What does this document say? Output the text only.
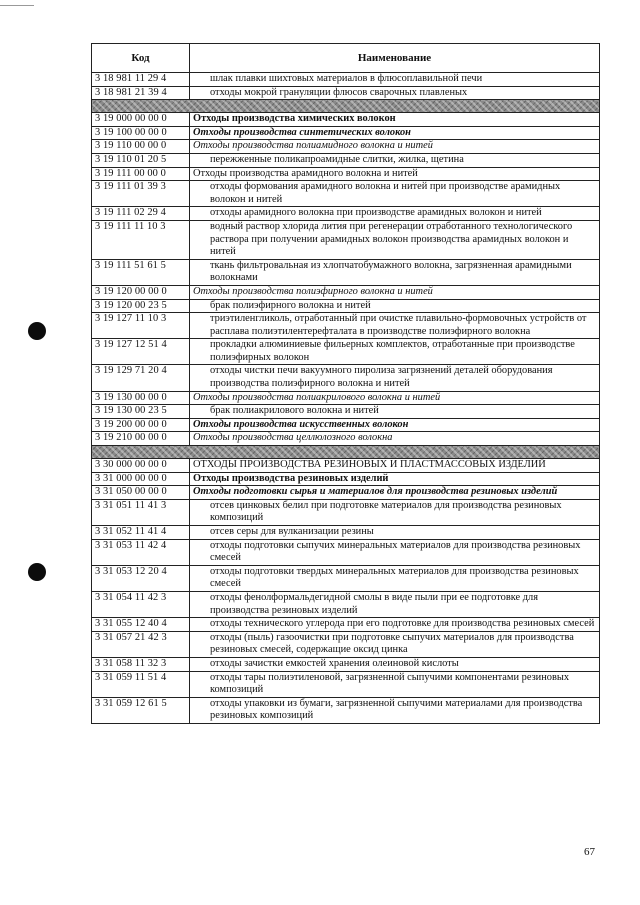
Код	Наименование
3 18 981 11 29 4	шлак плавки шихтовых материалов в флюсоплавильной печи
3 18 981 21 39 4	отходы мокрой грануляции флюсов сварочных плавленых

3 19 000 00 00 0	Отходы производства химических волокон
3 19 100 00 00 0	Отходы производства синтетических волокон
3 19 110 00 00 0	Отходы производства полиамидного волокна и нитей
3 19 110 01 20 5	пережженные поликапроамидные слитки, жилка, щетина
3 19 111 00 00 0	Отходы производства арамидного волокна и нитей
3 19 111 01 39 3	отходы формования арамидного волокна и нитей при производстве арамидных волокон и нитей
3 19 111 02 29 4	отходы арамидного волокна при производстве арамидных волокон и нитей
3 19 111 11 10 3	водный раствор хлорида лития при регенерации отработанного технологического раствора при получении арамидных волокон производства арамидных волокон и нитей
3 19 111 51 61 5	ткань фильтровальная из хлопчатобумажного волокна, загрязненная арамидными волокнами
3 19 120 00 00 0	Отходы производства полиэфирного волокна и нитей
3 19 120 00 23 5	брак полиэфирного волокна и нитей
3 19 127 11 10 3	триэтиленгликоль, отработанный при очистке плавильно-формовочных устройств от расплава полиэтилентерефталата в производстве полиэфирного волокна
3 19 127 12 51 4	прокладки алюминиевые фильерных комплектов, отработанные при производстве полиэфирных волокон
3 19 129 71 20 4	отходы чистки печи вакуумного пиролиза загрязнений деталей оборудования производства полиэфирного волокна и нитей
3 19 130 00 00 0	Отходы производства полиакрилового волокна и нитей
3 19 130 00 23 5	брак полиакрилового волокна и нитей
3 19 200 00 00 0	Отходы производства искусственных волокон
3 19 210 00 00 0	Отходы производства целлюлозного волокна

3 30 000 00 00 0	ОТХОДЫ ПРОИЗВОДСТВА РЕЗИНОВЫХ И ПЛАСТМАССОВЫХ ИЗДЕЛИЙ
3 31 000 00 00 0	Отходы производства резиновых изделий
3 31 050 00 00 0	Отходы подготовки сырья и материалов для производства резиновых изделий
3 31 051 11 41 3	отсев цинковых белил при подготовке материалов для производства резиновых композиций
3 31 052 11 41 4	отсев серы для вулканизации резины
3 31 053 11 42 4	отходы подготовки сыпучих минеральных материалов для производства резиновых смесей
3 31 053 12 20 4	отходы подготовки твердых минеральных материалов для производства резиновых смесей
3 31 054 11 42 3	отходы фенолформальдегидной смолы в виде пыли при ее подготовке для производства резиновых изделий
3 31 055 12 40 4	отходы технического углерода при его подготовке для производства резиновых смесей
3 31 057 21 42 3	отходы (пыль) газоочистки при подготовке сыпучих материалов для производства резиновых смесей, содержащие оксид цинка
3 31 058 11 32 3	отходы зачистки емкостей хранения олеиновой кислоты
3 31 059 11 51 4	отходы тары полиэтиленовой, загрязненной сыпучими компонентами резиновых композиций
3 31 059 12 61 5	отходы упаковки из бумаги, загрязненной сыпучими материалами для производства резиновых композиций
67
